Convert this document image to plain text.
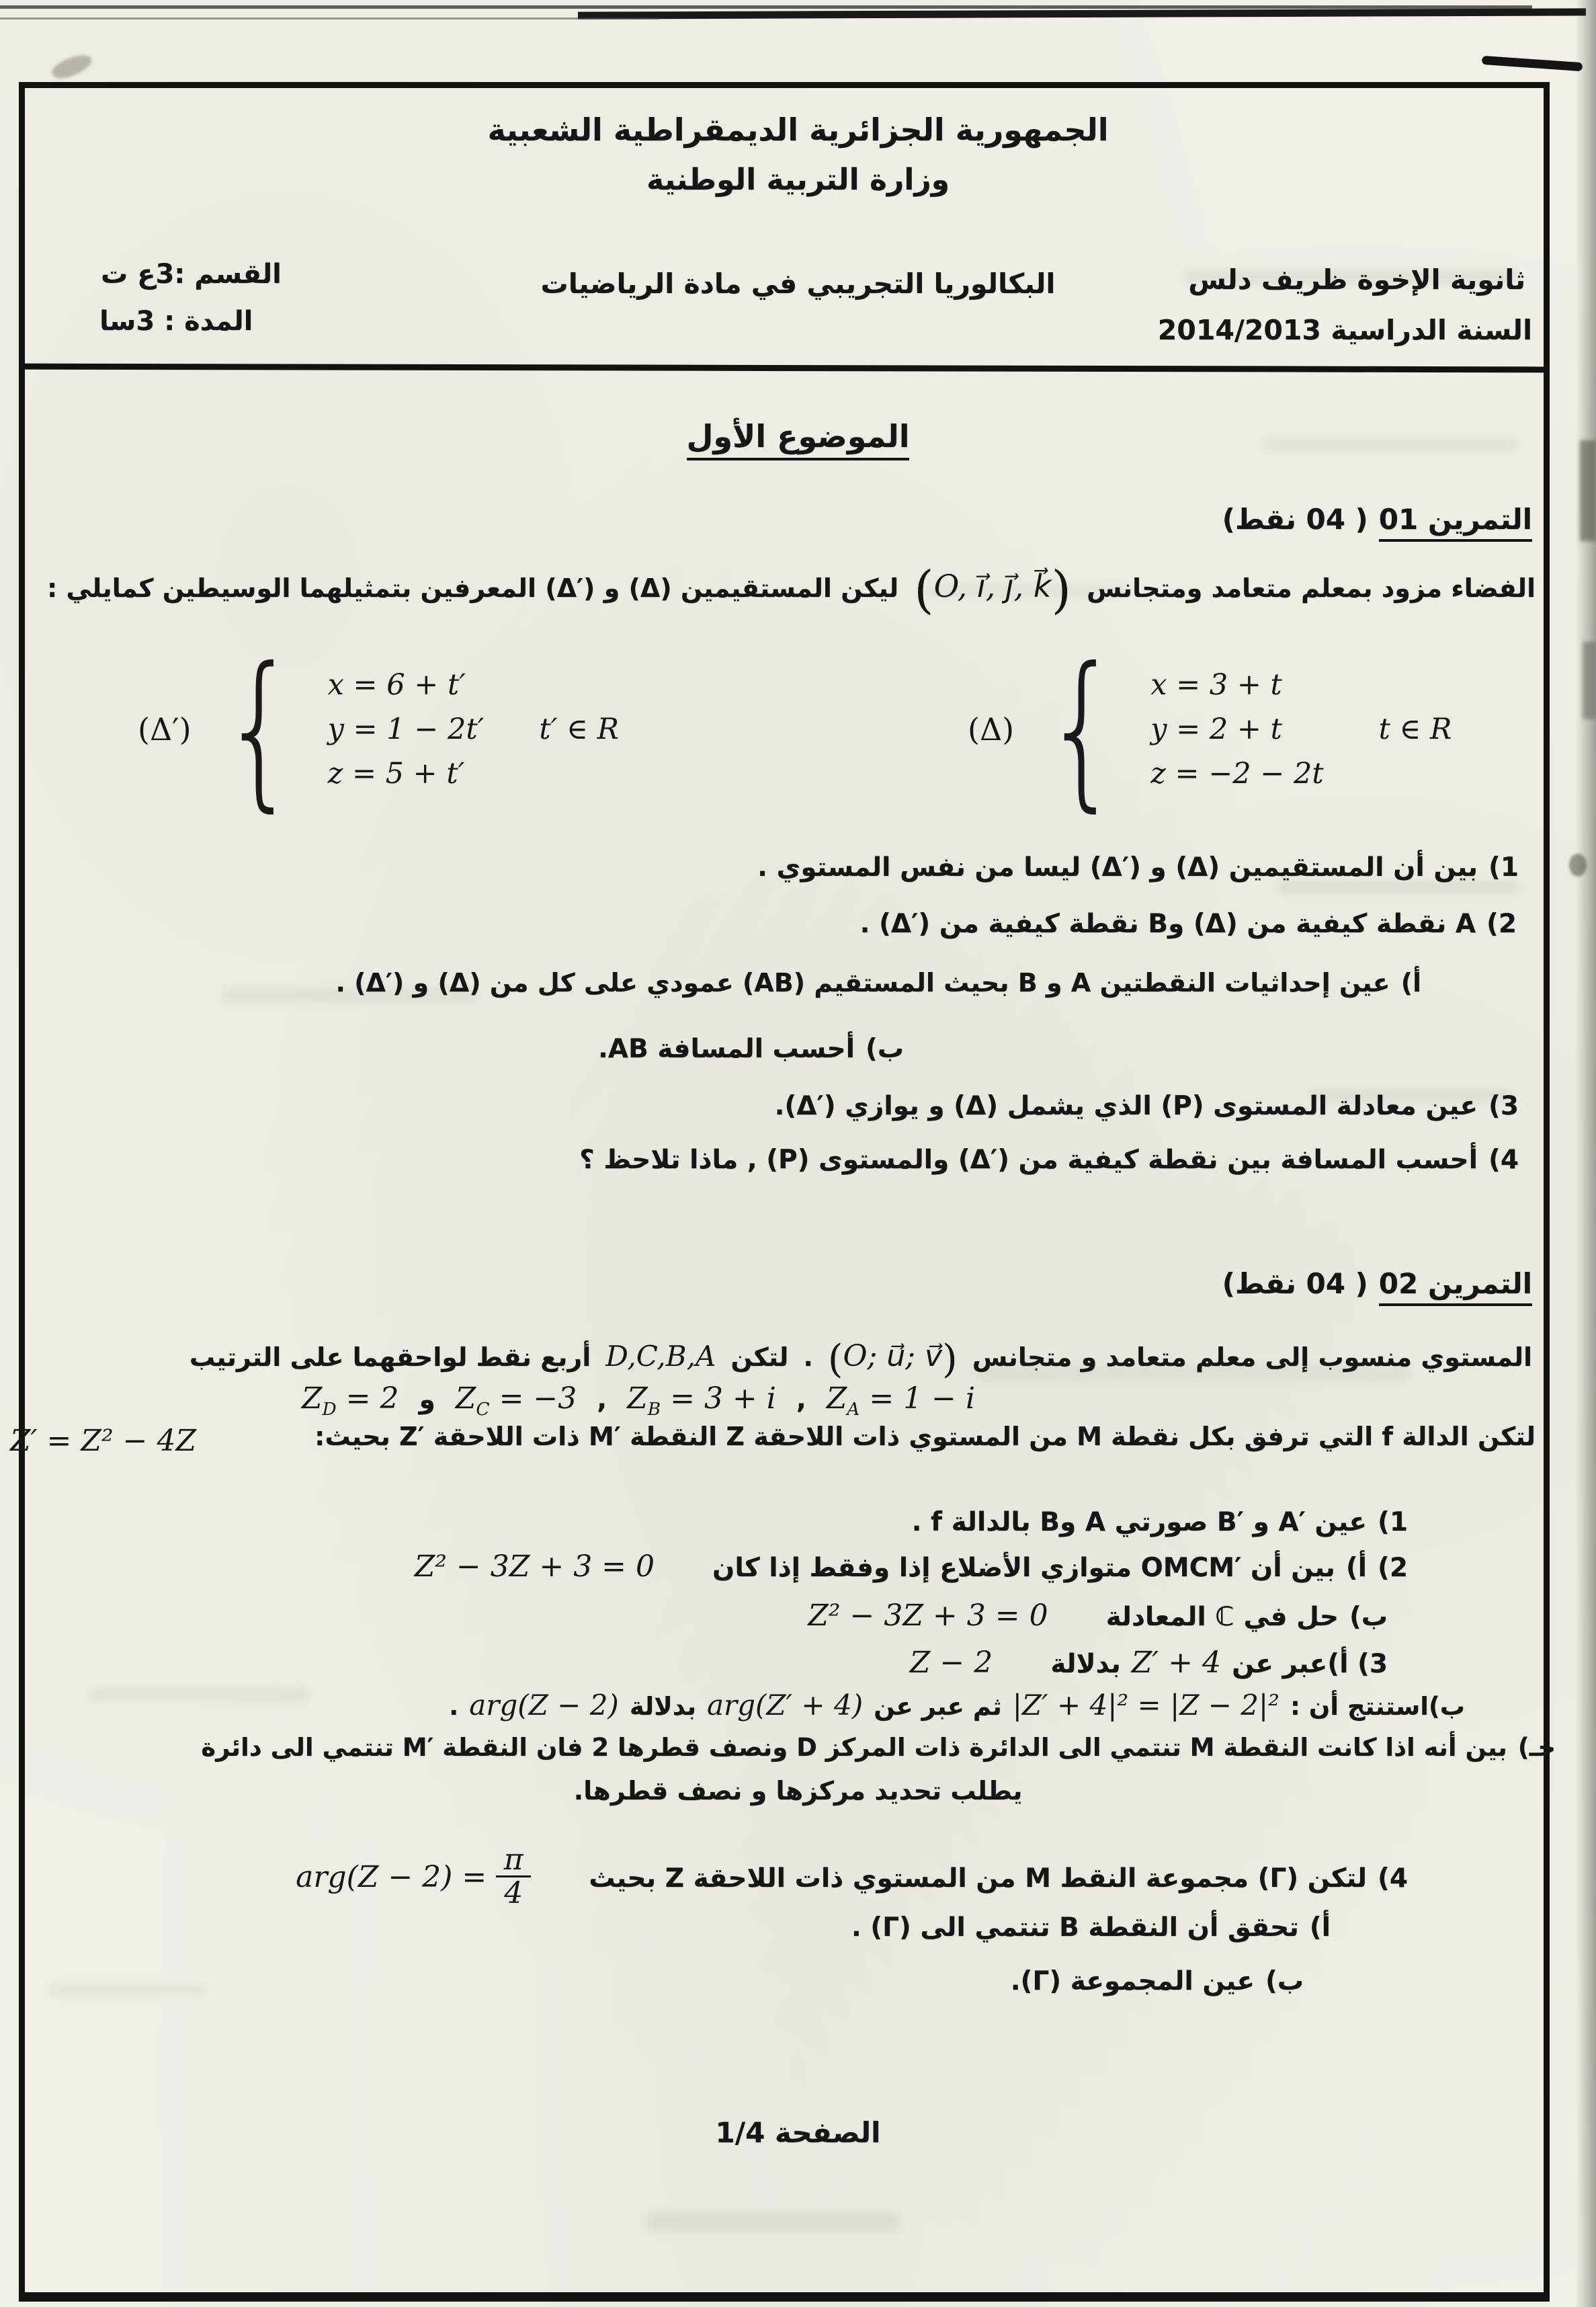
الجمهورية الجزائرية الديمقراطية الشعبية
وزارة التربية الوطنية
ثانوية الإخوة ظريف دلس
السنة الدراسية 2014/2013
البكالوريا التجريبي في مادة الرياضيات
القسم :3ع ت
المدة : 3سا
الموضوع الأول
التمرين 01
( 04 نقط)
الفضاء مزود بمعلم متعامد ومتجانس
(O, i⃗, j⃗, k⃗)
ليكن المستقيمين (Δ) و (Δ′‎) المعرفين بتمثيلهما الوسيطين كمايلي :
(Δ′) { x = 6 + t′
y = 1 − 2t′
z = 5 + t′
t′ ∈ R	(Δ) { x = 3 + t
y = 2 + t
z = −2 − 2t
t ∈ R
1)
بين أن المستقيمين (Δ) و (Δ′‎) ليسا من نفس المستوي .
2)
‎A‎ نقطة كيفية من (Δ) و‎B‎ نقطة كيفية من (Δ′‎) .
أ)
عين إحداثيات النقطتين ‎A‎ و ‎B‎ بحيث المستقيم (‎AB‎) عمودي على كل من (Δ) و (Δ′‎) .
ب)
أحسب المسافة ‎AB‎.
3)
عين معادلة المستوى (‎P‎) الذي يشمل (Δ) و يوازي (Δ′‎).
4)
أحسب المسافة بين نقطة كيفية من (Δ′‎) والمستوى (‎P‎) , ماذا تلاحظ ؟
التمرين 02
( 04 نقط)
المستوي منسوب إلى معلم متعامد و متجانس
(O; u⃗; v⃗)
.
لتكن
D,C,B,A
أربع نقط لواحقهما على الترتيب
$Z_A = 1 - i$
,
$Z_B = 3 + i$
,
$Z_C = -3$
و
$Z_D = 2$
لتكن الدالة ‎f‎ التي ترفق بكل نقطة ‎M‎ من المستوي ذات اللاحقة ‎Z‎ النقطة ‎M′‎ ذات اللاحقة ‎Z′‎ بحيث:
Z′ = Z² − 4Z
1)
عين ‎A′‎ و ‎B′‎ صورتي ‎A‎ و‎B‎ بالدالة ‎f‎ .
2)
أ)
بين أن ‎OMCM′‎ متوازي الأضلاع إذا وفقط إذا كان
Z² − 3Z + 3 = 0
ب)
حل في ℂ المعادلة
Z² − 3Z + 3 = 0
3) أ)عبر عن
Z′ + 4
بدلالة
Z − 2
ب)استنتج أن :
|Z′ + 4|² = |Z − 2|²
ثم عبر عن
arg(Z′ + 4)
بدلالة
arg(Z − 2)
.
جـ)
بين أنه اذا كانت النقطة ‎M‎ تنتمي الى الدائرة ذات المركز ‎D‎ ونصف قطرها 2 فان النقطة ‎M′‎ تنتمي الى دائرة
يطلب تحديد مركزها و نصف قطرها.
4)
لتكن (Γ) مجموعة النقط ‎M‎ من المستوي ذات اللاحقة ‎Z‎ بحيث
$arg(Z - 2) = \frac{\pi}{4}$
أ)
تحقق أن النقطة ‎B‎ تنتمي الى (Γ) .
ب)
عين المجموعة (Γ).
الصفحة 1/4
